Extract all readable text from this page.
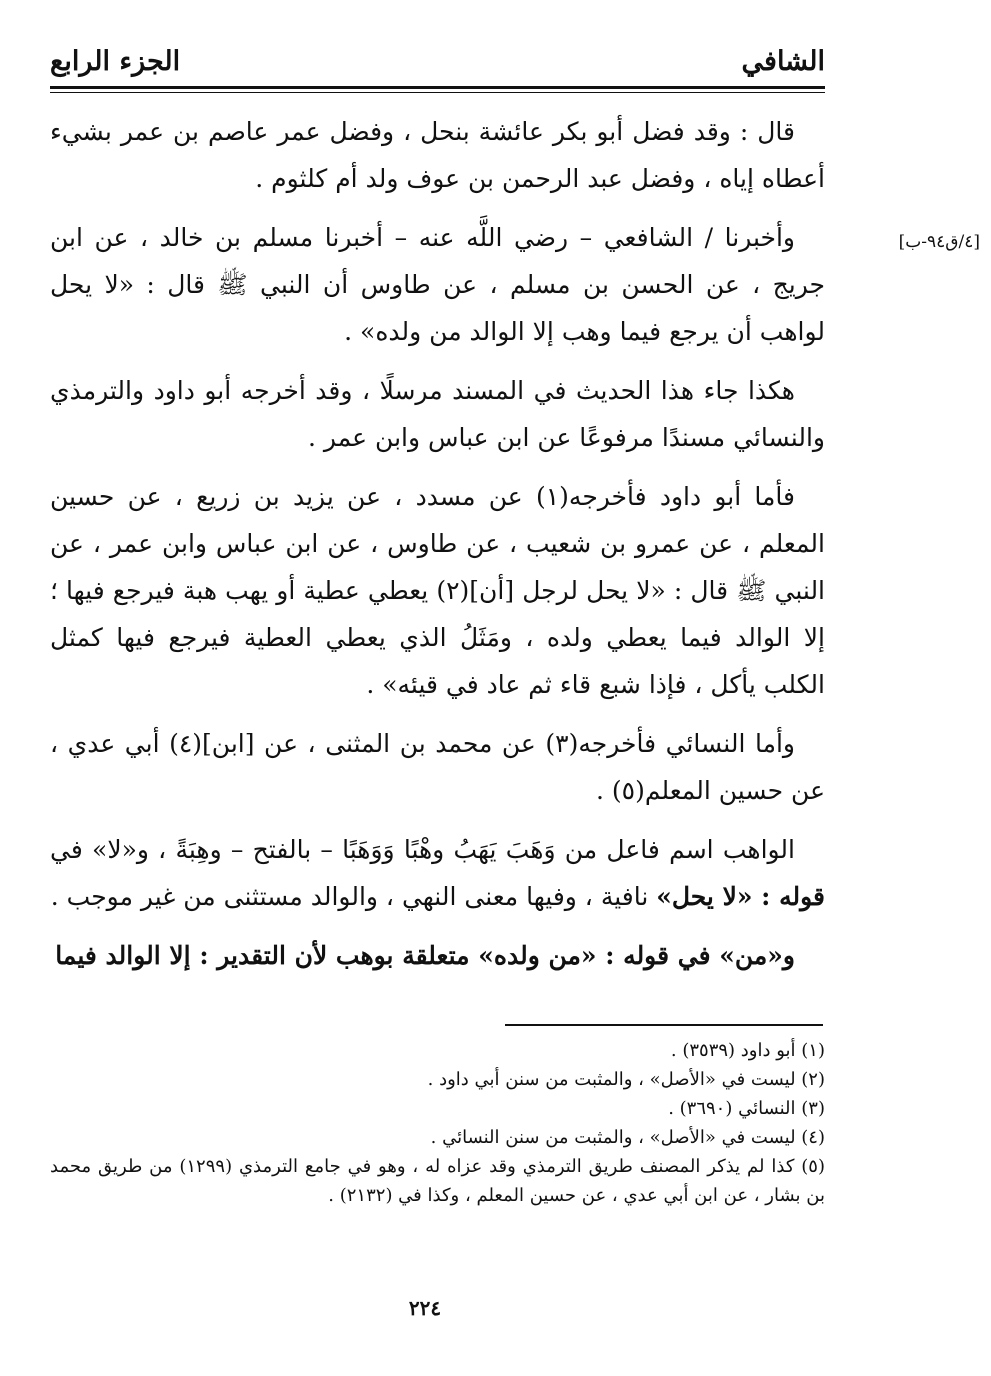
الشافي
الجزء الرابع
[٤/ق٩٤-ب]

قال : وقد فضل أبو بكر عائشة بنحل ، وفضل عمر عاصم بن عمر بشيء أعطاه إياه ، وفضل عبد الرحمن بن عوف ولد أم كلثوم .

وأخبرنا / الشافعي – رضي اللَّه عنه – أخبرنا مسلم بن خالد ، عن ابن جريج ، عن الحسن بن مسلم ، عن طاوس أن النبي ﷺ قال : «لا يحل لواهب أن يرجع فيما وهب إلا الوالد من ولده» .

هكذا جاء هذا الحديث في المسند مرسلًا ، وقد أخرجه أبو داود والترمذي والنسائي مسندًا مرفوعًا عن ابن عباس وابن عمر .

فأما أبو داود فأخرجه(١) عن مسدد ، عن يزيد بن زريع ، عن حسين المعلم ، عن عمرو بن شعيب ، عن طاوس ، عن ابن عباس وابن عمر ، عن النبي ﷺ قال : «لا يحل لرجل [أن](٢) يعطي عطية أو يهب هبة فيرجع فيها ؛ إلا الوالد فيما يعطي ولده ، ومَثَلُ الذي يعطي العطية فيرجع فيها كمثل الكلب يأكل ، فإذا شبع قاء ثم عاد في قيئه» .

وأما النسائي فأخرجه(٣) عن محمد بن المثنى ، عن [ابن](٤) أبي عدي ، عن حسين المعلم(٥) .

الواهب اسم فاعل من وَهَبَ يَهَبُ وهْبًا وَوَهَبًا – بالفتح – وهِبَةً ، و«لا» في قوله : «لا يحل» نافية ، وفيها معنى النهي ، والوالد مستثنى من غير موجب .

و«من» في قوله : «من ولده» متعلقة بوهب لأن التقدير : إلا الوالد فيما

(١) أبو داود (٣٥٣٩) .

(٢) ليست في «الأصل» ، والمثبت من سنن أبي داود .

(٣) النسائي (٣٦٩٠) .

(٤) ليست في «الأصل» ، والمثبت من سنن النسائي .

(٥) كذا لم يذكر المصنف طريق الترمذي وقد عزاه له ، وهو في جامع الترمذي (١٢٩٩) من طريق محمد بن بشار ، عن ابن أبي عدي ، عن حسين المعلم ، وكذا في (٢١٣٢) .

٢٢٤
